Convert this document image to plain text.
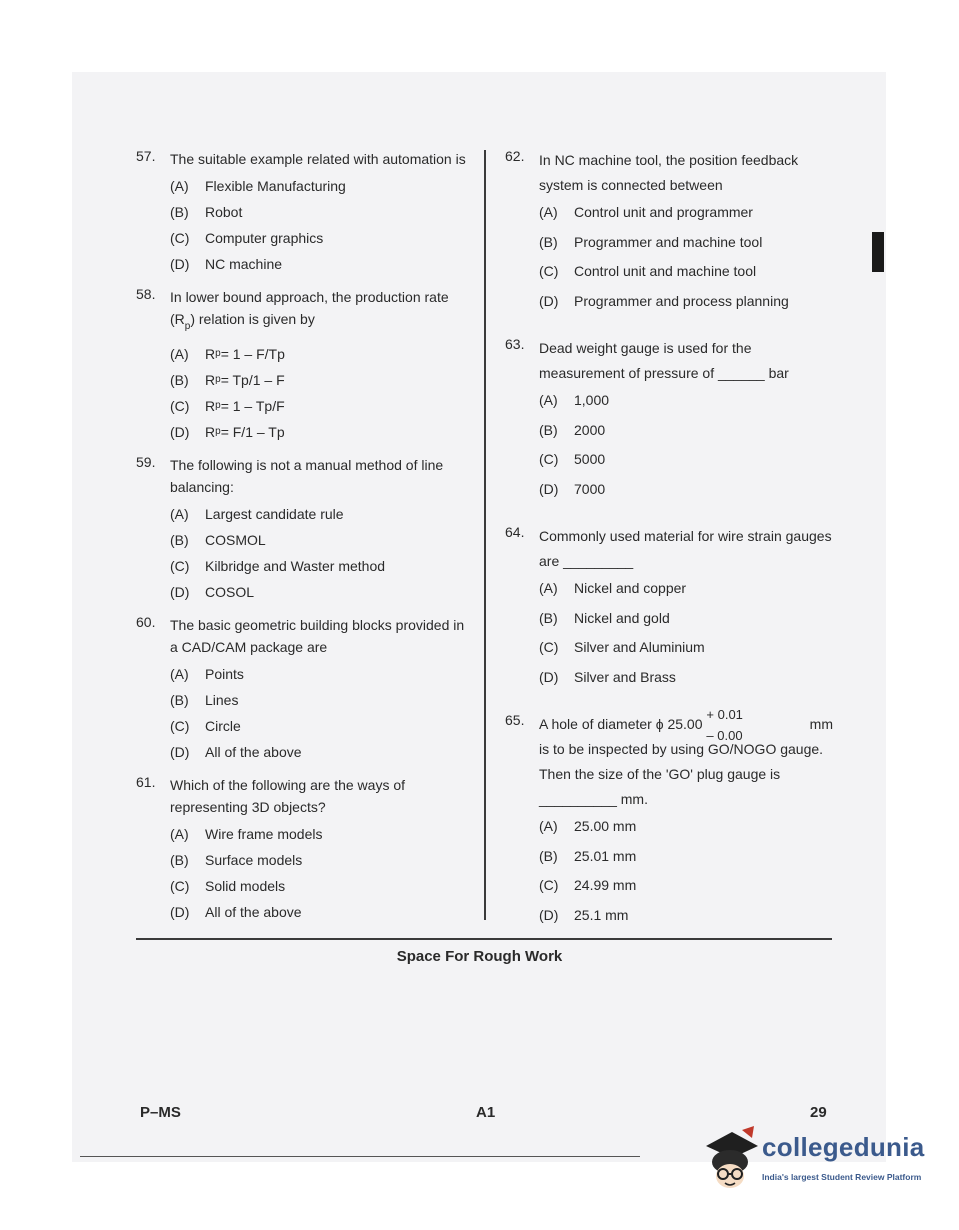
57.	The suitable example related with automation is
(A)	Flexible Manufacturing
(B)	Robot
(C)	Computer graphics
(D)	NC machine
58.	In lower bound approach, the production rate $(R_p)$ relation is given by
(A)	R p = 1 – F/Tp
(B)	R p = Tp/1 – F
(C)	R p = 1 – Tp/F
(D)	R p = F/1 – Tp
59.	The following is not a manual method of line balancing:
(A)	Largest candidate rule
(B)	COSMOL
(C)	Kilbridge and Waster method
(D)	COSOL
60.	The basic geometric building blocks provided in a CAD/CAM package are
(A)	Points
(B)	Lines
(C)	Circle
(D)	All of the above
61.	Which of the following are the ways of representing 3D objects?
(A)	Wire frame models
(B)	Surface models
(C)	Solid models
(D)	All of the above
62.	In NC machine tool, the position feedback system is connected between
(A)	Control unit and programmer
(B)	Programmer and machine tool
(C)	Control unit and machine tool
(D)	Programmer and process planning
63.	Dead weight gauge is used for the measurement of pressure of ______ bar
(A)	1,000
(B)	2000
(C)	5000
(D)	7000
64.	Commonly used material for wire strain gauges are _________
(A)	Nickel and copper
(B)	Nickel and gold
(C)	Silver and Aluminium
(D)	Silver and Brass
65.	A hole of diameter ϕ 25.00
+ 0.01
– 0.00
mm
is to be inspected by using GO/NOGO gauge. Then the size of the 'GO' plug gauge is __________ mm.
(A)	25.00 mm
(B)	25.01 mm
(C)	24.99 mm
(D)	25.1 mm
Space For Rough Work
P–MS	A1	29
collegedunia
India's largest Student Review Platform
